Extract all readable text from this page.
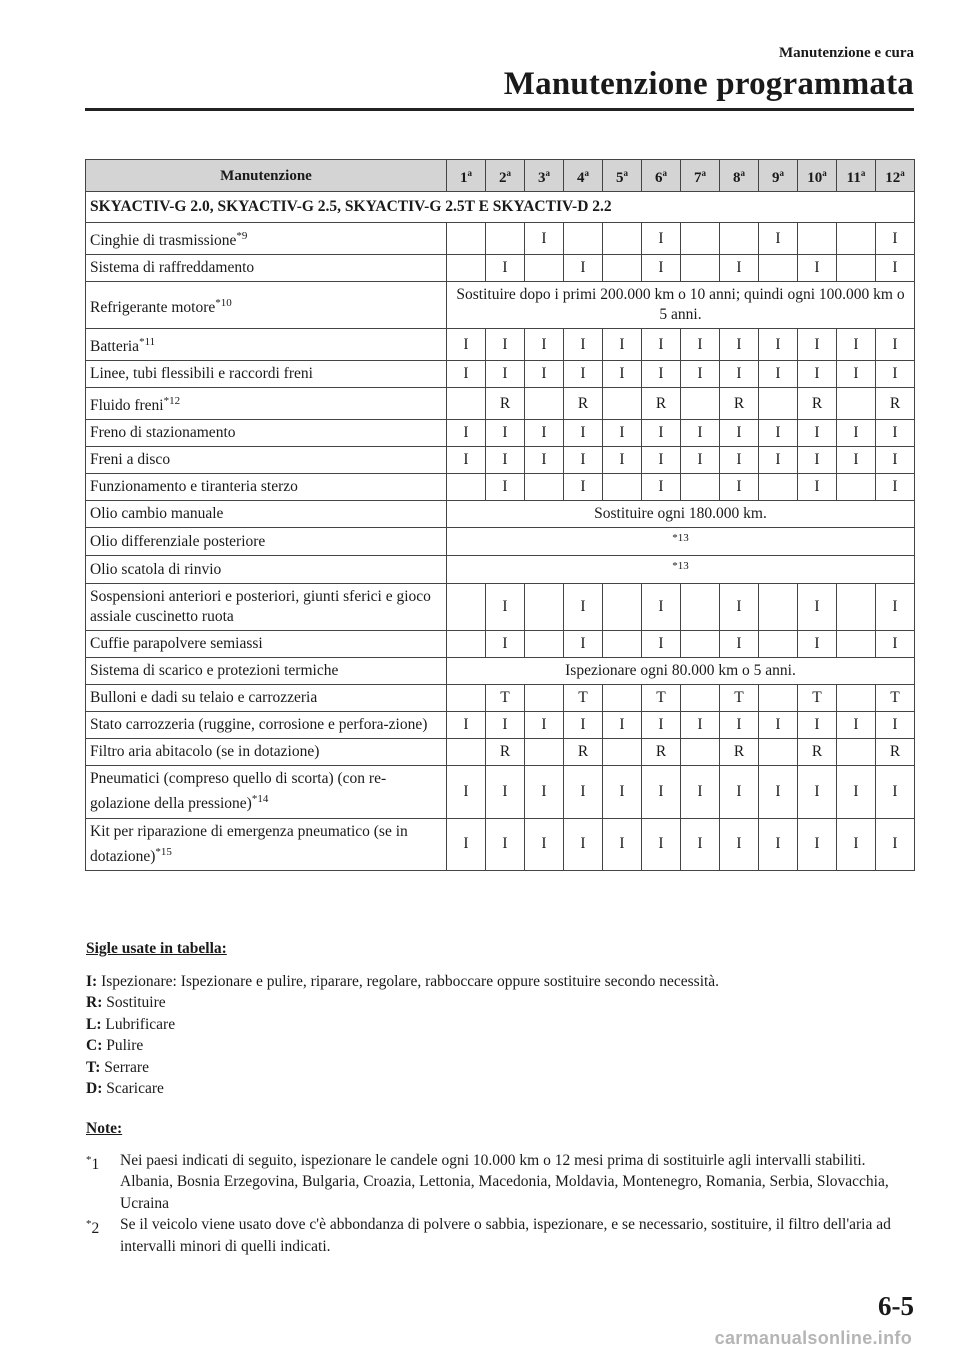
Manutenzione e cura
Manutenzione programmata
Manutenzione	1$^a$	2$^a$	3$^a$	4$^a$	5$^a$	6$^a$	7$^a$	8$^a$	9$^a$	10$^a$	11$^a$	12$^a$
SKYACTIV-G 2.0, SKYACTIV-G 2.5, SKYACTIV-G 2.5T E SKYACTIV-D 2.2												
Cinghie di trasmissione$^{*9}$			I			I			I			I
Sistema di raffreddamento		I		I		I		I		I		I
Refrigerante motore$^{*10}$	Sostituire dopo i primi 200.000 km o 10 anni; quindi ogni 100.000 km o 5 anni.											
Batteria$^{*11}$	I	I	I	I	I	I	I	I	I	I	I	I
Linee, tubi flessibili e raccordi freni	I	I	I	I	I	I	I	I	I	I	I	I
Fluido freni$^{*12}$		R		R		R		R		R		R
Freno di stazionamento	I	I	I	I	I	I	I	I	I	I	I	I
Freni a disco	I	I	I	I	I	I	I	I	I	I	I	I
Funzionamento e tiranteria sterzo		I		I		I		I		I		I
Olio cambio manuale	Sostituire ogni 180.000 km.											
Olio differenziale posteriore	$^{*13}$
Olio scatola di rinvio	$^{*13}$
Sospensioni anteriori e posteriori, giunti sferici e gioco assiale cuscinetto ruota		I		I		I		I		I		I
Cuffie parapolvere semiassi		I		I		I		I		I		I
Sistema di scarico e protezioni termiche	Ispezionare ogni 80.000 km o 5 anni.											
Bulloni e dadi su telaio e carrozzeria		T		T		T		T		T		T
Stato carrozzeria (ruggine, corrosione e perfora-zione)	I	I	I	I	I	I	I	I	I	I	I	I
Filtro aria abitacolo (se in dotazione)		R		R		R		R		R		R
Pneumatici (compreso quello di scorta) (con re-golazione della pressione)$^{*14}$	I	I	I	I	I	I	I	I	I	I	I	I
Kit per riparazione di emergenza pneumatico (se in dotazione)$^{*15}$	I	I	I	I	I	I	I	I	I	I	I	I
Sigle usate in tabella:
I: Ispezionare: Ispezionare e pulire, riparare, regolare, rabboccare oppure sostituire secondo necessità.
R: Sostituire
L: Lubrificare
C: Pulire
T: Serrare
D: Scaricare
Note:
*1 Nei paesi indicati di seguito, ispezionare le candele ogni 10.000 km o 12 mesi prima di sostituirle agli intervalli stabiliti.
Albania, Bosnia Erzegovina, Bulgaria, Croazia, Lettonia, Macedonia, Moldavia, Montenegro, Romania, Serbia, Slovacchia, Ucraina
*2 Se il veicolo viene usato dove c'è abbondanza di polvere o sabbia, ispezionare, e se necessario, sostituire, il filtro dell'aria ad intervalli minori di quelli indicati.
6-5
carmanualsonline.info
